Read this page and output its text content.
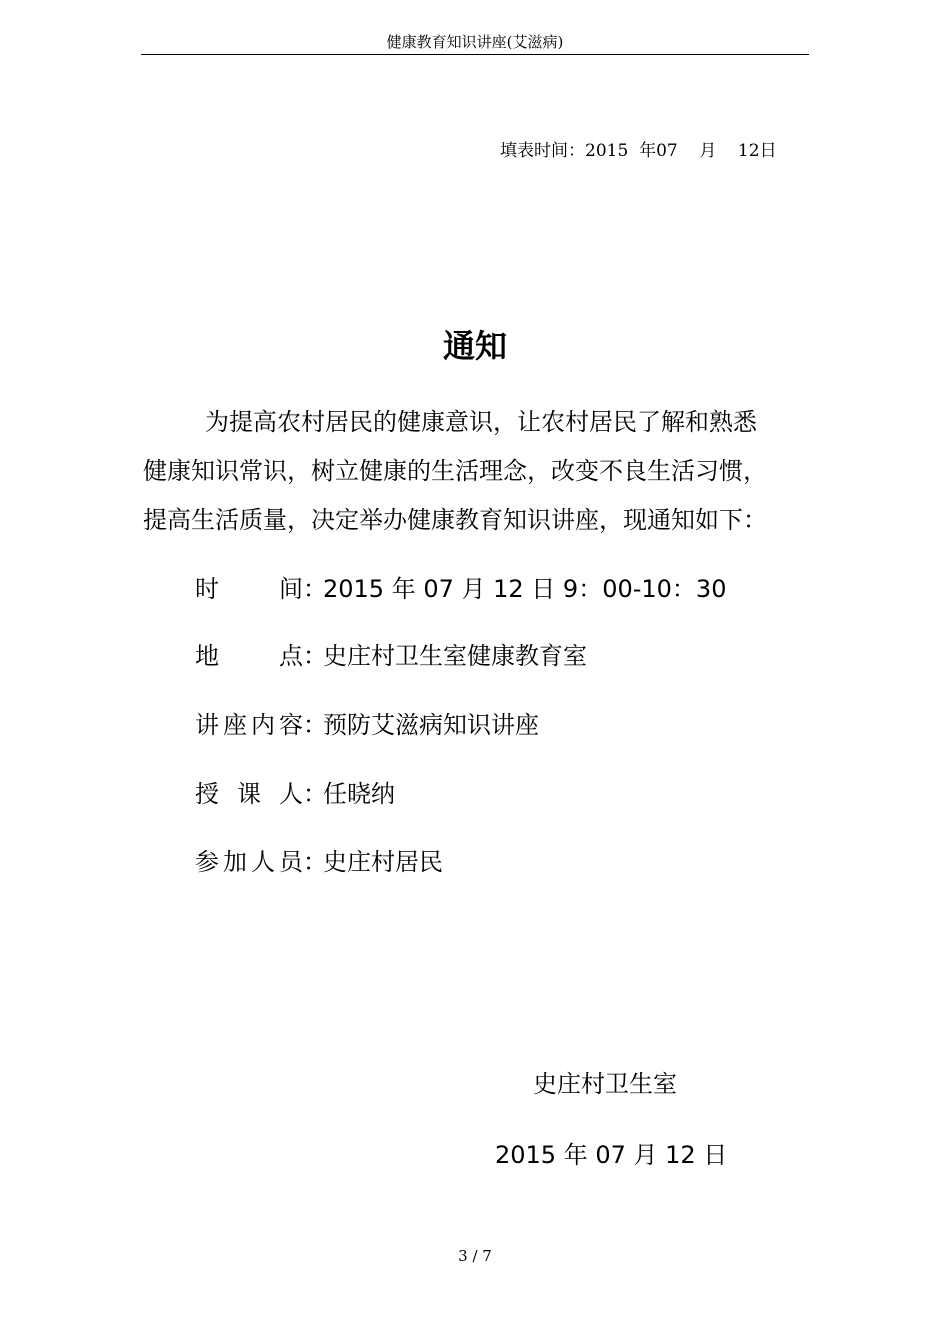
健康教育知识讲座(艾滋病)
填表时间：2015  年07    月    12日
通知
为提高农村居民的健康意识，让农村居民了解和熟悉
健康知识常识，树立健康的生活理念，改变不良生活习惯，
提高生活质量，决定举办健康教育知识讲座，现通知如下：
时间：2015 年 07 月 12 日 9：00-10：30
地点：史庄村卫生室健康教育室
讲座内容：预防艾滋病知识讲座
授课人：任晓纳
参加人员：史庄村居民
史庄村卫生室
2015 年 07 月 12 日
3 / 7
